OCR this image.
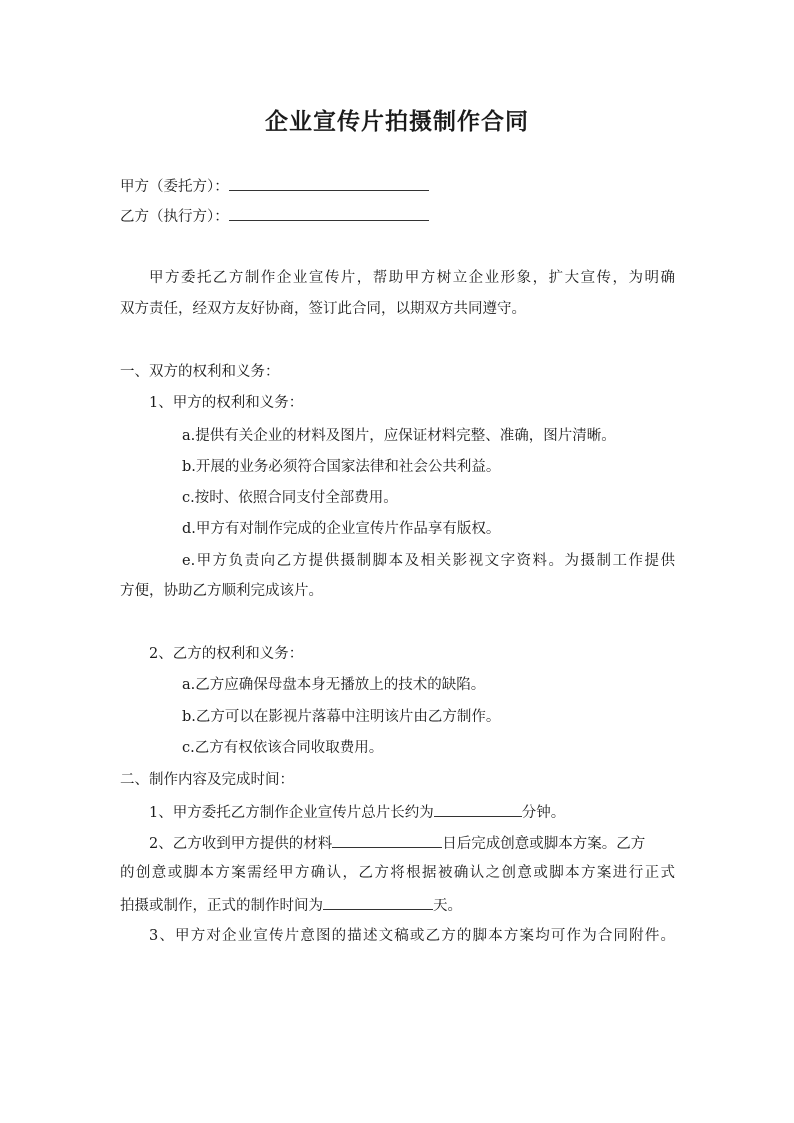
企业宣传片拍摄制作合同
甲方（委托方）：
乙方（执行方）：
甲方委托乙方制作企业宣传片，帮助甲方树立企业形象，扩大宣传，为明确
双方责任，经双方友好协商，签订此合同，以期双方共同遵守。
一、双方的权利和义务：
1、甲方的权利和义务：
a.提供有关企业的材料及图片，应保证材料完整、准确，图片清晰。
b.开展的业务必须符合国家法律和社会公共利益。
c.按时、依照合同支付全部费用。
d.甲方有对制作完成的企业宣传片作品享有版权。
e.甲方负责向乙方提供摄制脚本及相关影视文字资料。为摄制工作提供
方便，协助乙方顺利完成该片。
2、乙方的权利和义务：
a.乙方应确保母盘本身无播放上的技术的缺陷。
b.乙方可以在影视片落幕中注明该片由乙方制作。
c.乙方有权依该合同收取费用。
二、制作内容及完成时间：
1、甲方委托乙方制作企业宣传片总片长约为	分钟。
2、乙方收到甲方提供的材料	日后完成创意或脚本方案。乙方
的创意或脚本方案需经甲方确认，乙方将根据被确认之创意或脚本方案进行正式
拍摄或制作，正式的制作时间为	天。
3、甲方对企业宣传片意图的描述文稿或乙方的脚本方案均可作为合同附件。
